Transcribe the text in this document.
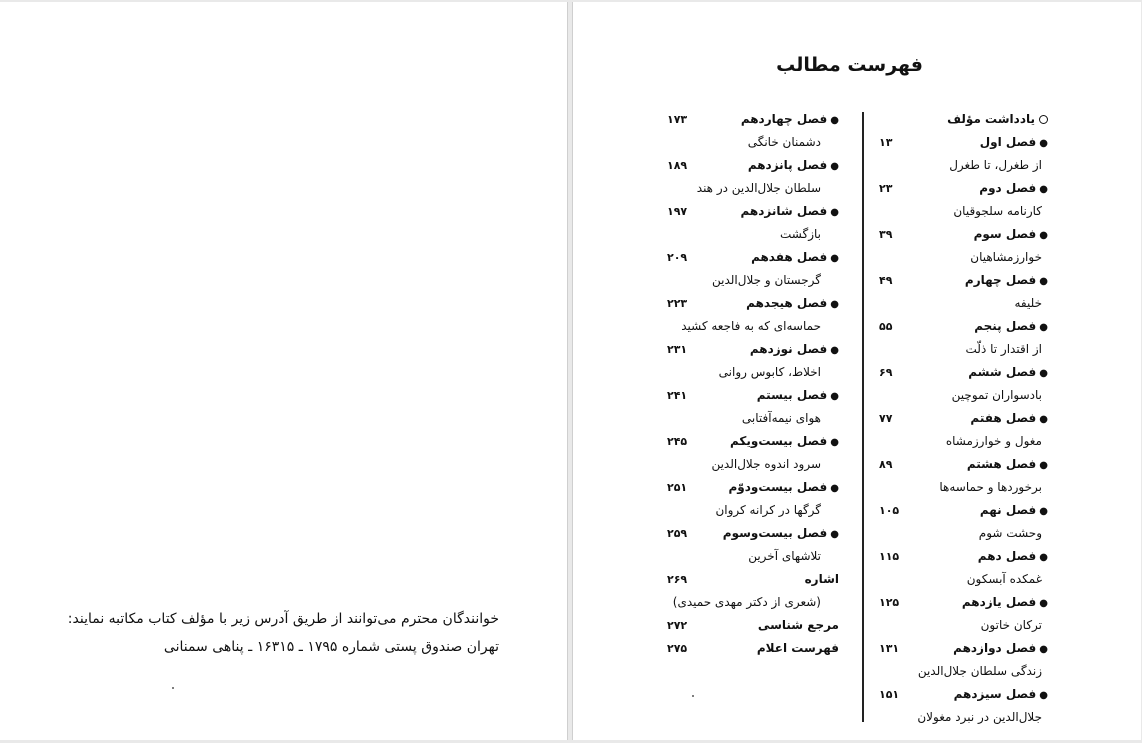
خوانندگان محترم می‌توانند از طریق آدرس زیر با مؤلف کتاب مکاتبه نمایند:
تهران صندوق پستی شماره ۱۷۹۵ ـ ۱۶۳۱۵ ـ پناهی سمنانی
فهرست مطالب
یادداشت مؤلف
●فصل اول
۱۳
از طغرل، تا طغرل
●فصل دوم
۲۳
کارنامه سلجوقیان
●فصل سوم
۳۹
خوارزمشاهیان
●فصل چهارم
۴۹
خلیفه
●فصل پنجم
۵۵
از اقتدار تا ذلّت
●فصل ششم
۶۹
بادسواران تموچین
●فصل هفتم
۷۷
مغول و خوارزمشاه
●فصل هشتم
۸۹
برخوردها و حماسه‌ها
●فصل نهم
۱۰۵
وحشت شوم
●فصل دهم
۱۱۵
غمکده آبسکون
●فصل یازدهم
۱۲۵
ترکان خاتون
●فصل دوازدهم
۱۳۱
زندگی سلطان جلال‌الدین
●فصل سیزدهم
۱۵۱
جلال‌الدین در نبرد مغولان
●فصل چهاردهم
۱۷۳
دشمنان خانگی
●فصل پانزدهم
۱۸۹
سلطان جلال‌الدین در هند
●فصل شانزدهم
۱۹۷
بازگشت
●فصل هفدهم
۲۰۹
گرجستان و جلال‌الدین
●فصل هیجدهم
۲۲۳
حماسه‌ای که به فاجعه کشید
●فصل نوزدهم
۲۳۱
اخلاط، کابوس روانی
●فصل بیستم
۲۴۱
هوای نیمه‌آفتابی
●فصل بیست‌ویکم
۲۴۵
سرود اندوه جلال‌الدین
●فصل بیست‌ودوّم
۲۵۱
گرگها در کرانه کروان
●فصل بیست‌وسوم
۲۵۹
تلاشهای آخرین
اشاره
۲۶۹
(شعری از دکتر مهدی حمیدی)
مرجع شناسی
۲۷۲
فهرست اعلام
۲۷۵
